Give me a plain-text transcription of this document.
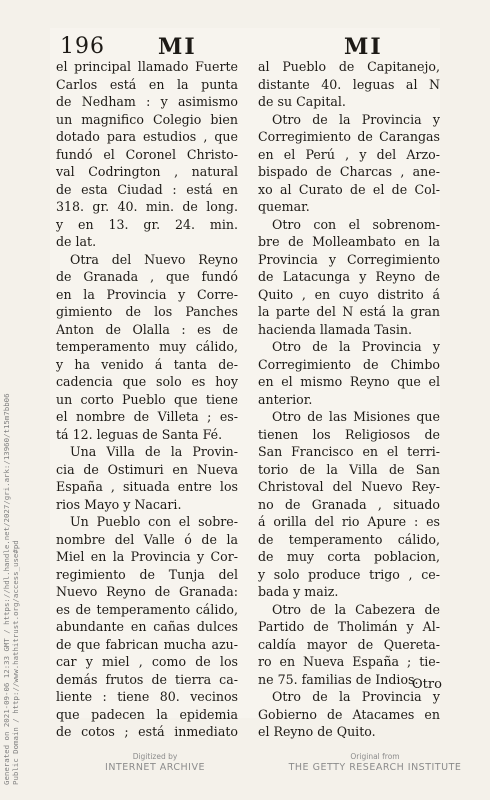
196 MI	MI

el principal llamado Fuerte
Carlos está en la punta
de Nedham : y asimismo
un magnifico Colegio bien
dotado para estudios , que
fundó el Coronel Christo-
val Codrington , natural
de esta Ciudad : está en
318. gr. 40. min. de long.
y en 13. gr. 24. min.
de lat.

Otra del Nuevo Reyno
de Granada , que fundó
en la Provincia y Corre-
gimiento de los Panches
Anton de Olalla : es de
temperamento muy cálido,
y ha venido á tanta de-
cadencia que solo es hoy
un corto Pueblo que tiene
el nombre de Villeta ; es-
tá 12. leguas de Santa Fé.

Una Villa de la Provin-
cia de Ostimuri en Nueva
España , situada entre los
rios Mayo y Nacari.

Un Pueblo con el sobre-
nombre del Valle ó de la
Miel en la Provincia y Cor-
regimiento de Tunja del
Nuevo Reyno de Granada:
es de temperamento cálido,
abundante en cañas dulces
de que fabrican mucha azu-
car y miel , como de los
demás frutos de tierra ca-
liente : tiene 80. vecinos
que padecen la epidemia
de cotos ; está inmediato

al Pueblo de Capitanejo,
distante 40. leguas al N
de su Capital.

Otro de la Provincia y
Corregimiento de Carangas
en el Perú , y del Arzo-
bispado de Charcas , ane-
xo al Curato de el de Col-
quemar.

Otro con el sobrenom-
bre de Molleambato en la
Provincia y Corregimiento
de Latacunga y Reyno de
Quito , en cuyo distrito á
la parte del N está la gran
hacienda llamada Tasin.

Otro de la Provincia y
Corregimiento de Chimbo
en el mismo Reyno que el
anterior.

Otro de las Misiones que
tienen los Religiosos de
San Francisco en el terri-
torio de la Villa de San
Christoval del Nuevo Rey-
no de Granada , situado
á orilla del rio Apure : es
de temperamento cálido,
de muy corta poblacion,
y solo produce trigo , ce-
bada y maiz.

Otro de la Cabezera de
Partido de Tholimán y Al-
caldía mayor de Quereta-
ro en Nueva España ; tie-
ne 75. familias de Indios.

Otro de la Provincia y
Gobierno de Atacames en
el Reyno de Quito.

Otro
Generated on 2021-09-06 12:33 GMT / https://hdl.handle.net/2027/gri.ark:/13960/t15m7bb06 Public Domain / http://www.hathitrust.org/access_use#pd	Digitized by
INTERNET ARCHIVE
Original from
THE GETTY RESEARCH INSTITUTE
